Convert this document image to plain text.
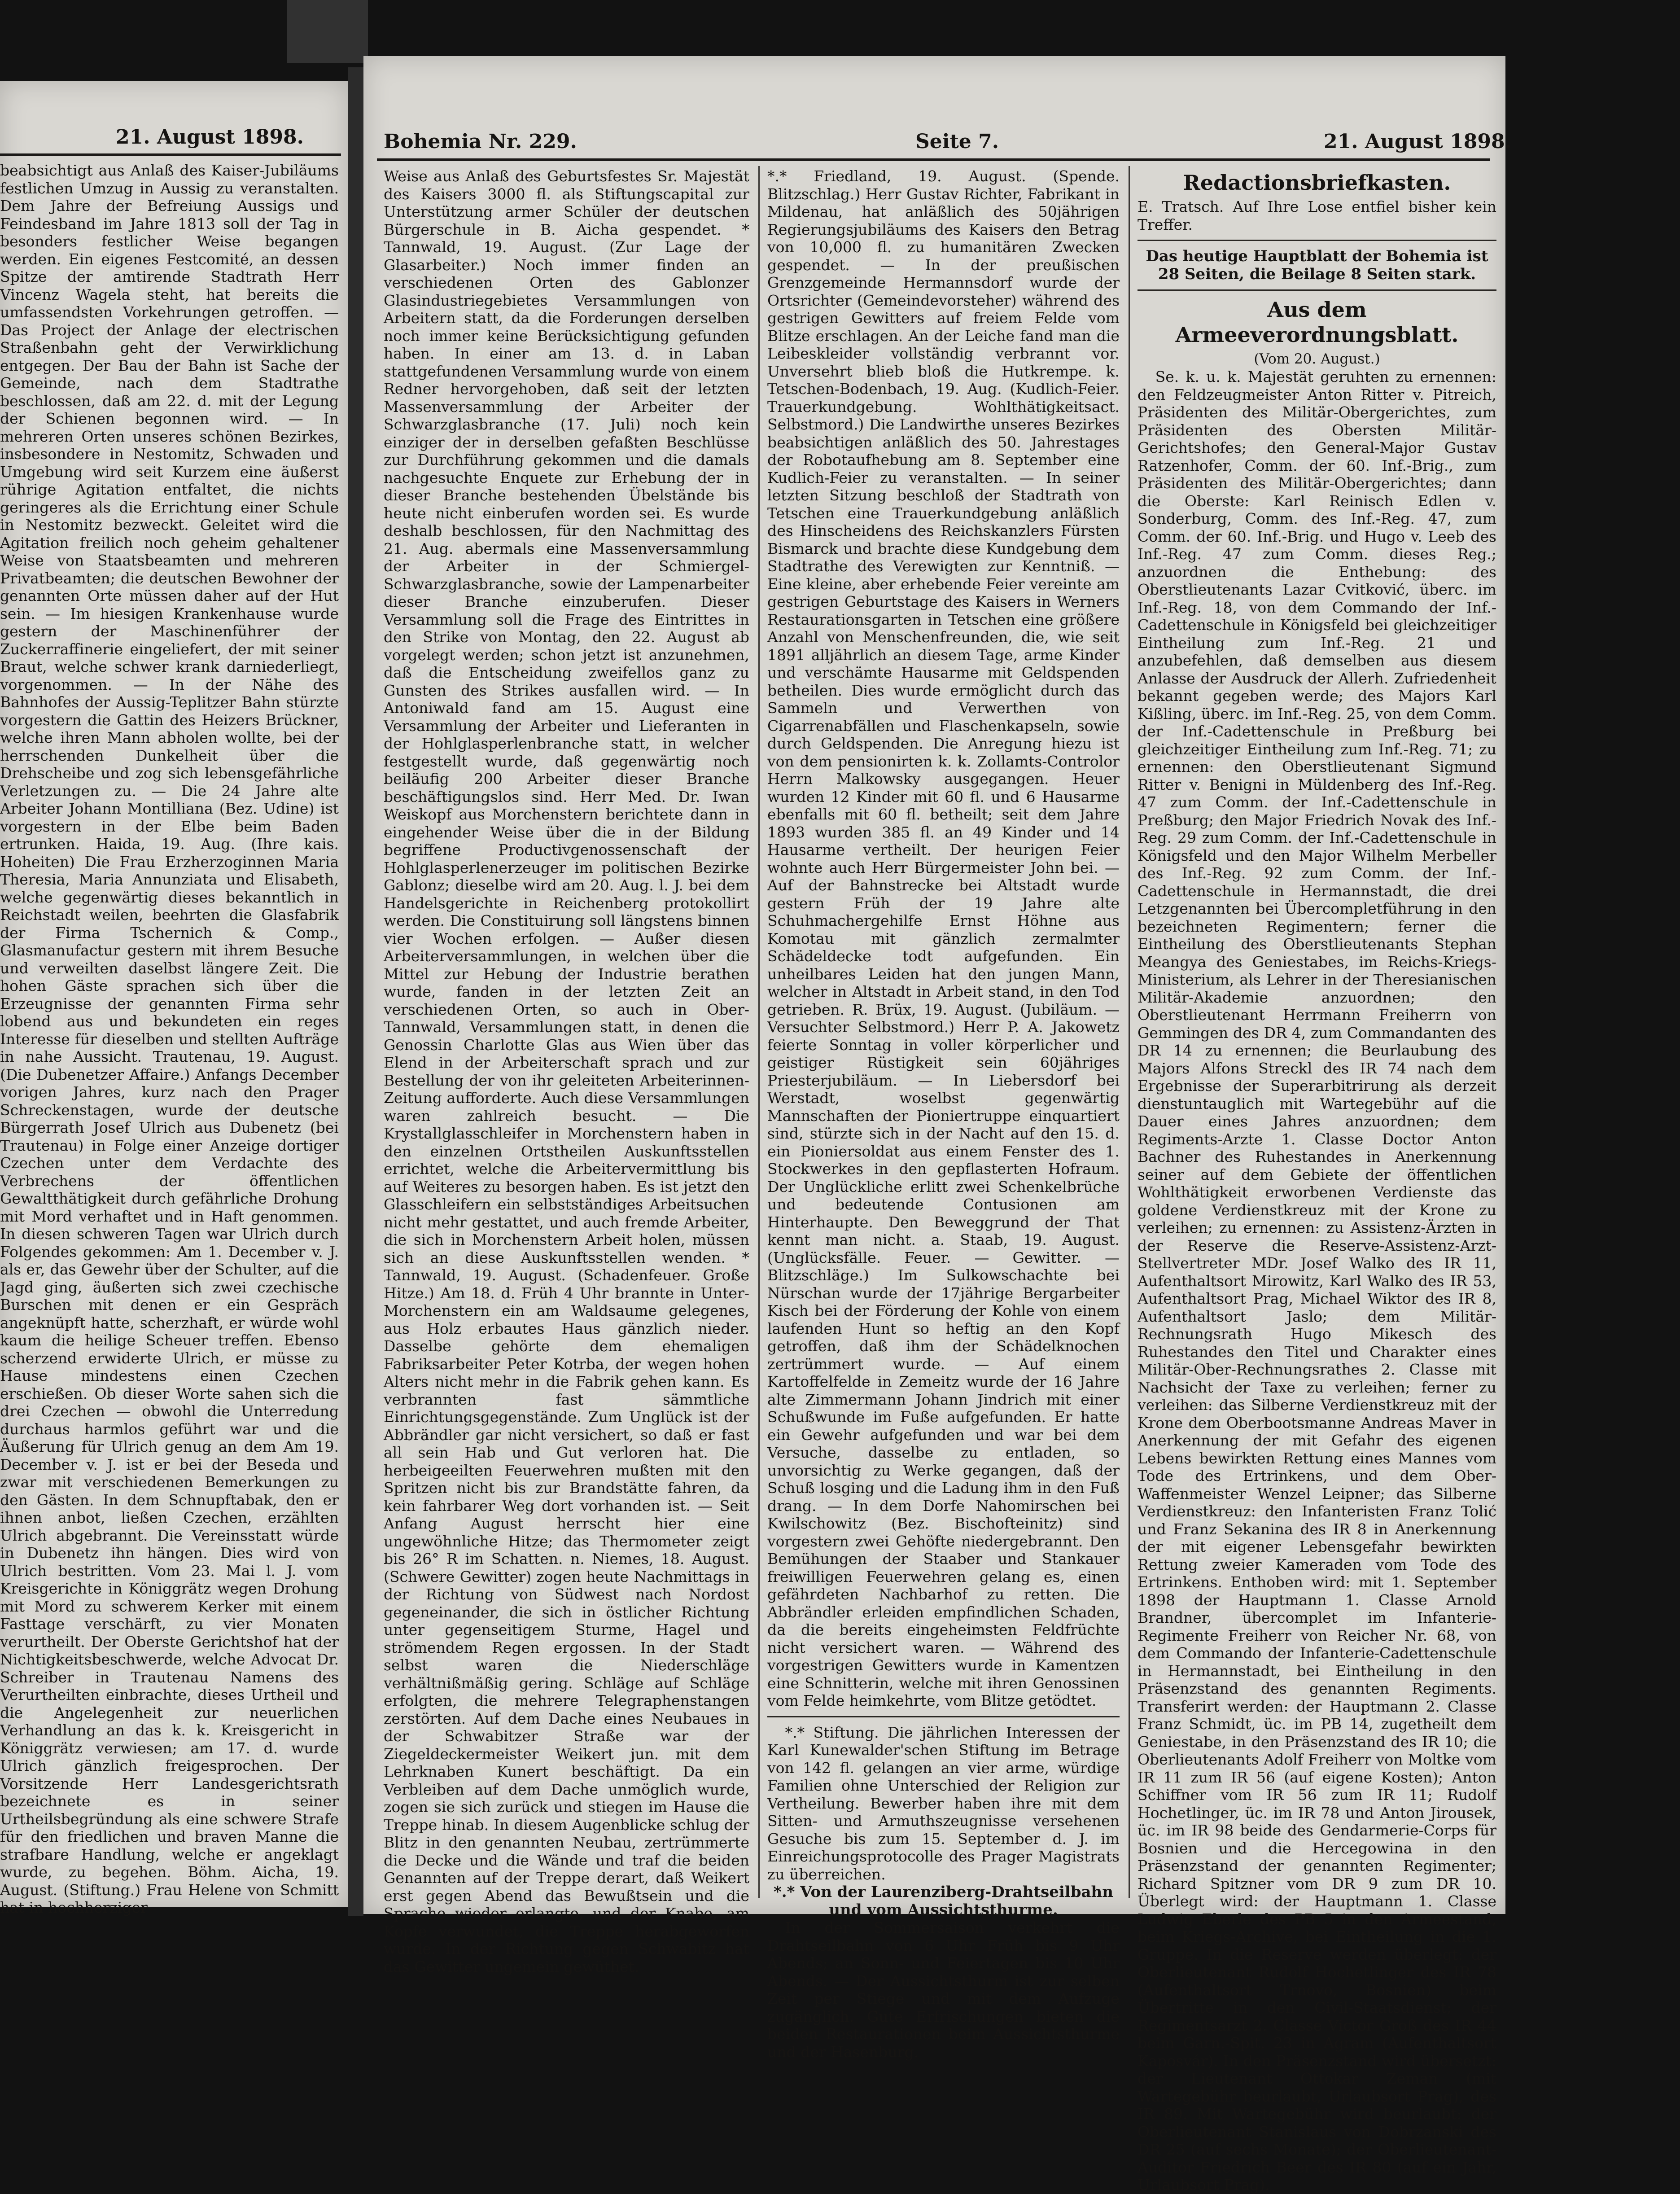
21. August 1898.

beabsichtigt aus Anlaß des Kaiser-Jubiläums festlichen Umzug in Aussig zu veranstalten. Dem Jahre der Befreiung Aussigs und Feindesband im Jahre 1813 soll der Tag in besonders festlicher Weise begangen werden. Ein eigenes Festcomité, an dessen Spitze der amtirende Stadtrath Herr Vincenz Wagela steht, hat bereits die umfassendsten Vorkehrungen getroffen. — Das Project der Anlage der electrischen Straßenbahn geht der Verwirklichung entgegen. Der Bau der Bahn ist Sache der Gemeinde, nach dem Stadtrathe beschlossen, daß am 22. d. mit der Legung der Schienen begonnen wird. — In mehreren Orten unseres schönen Bezirkes, insbesondere in Nestomitz, Schwaden und Umgebung wird seit Kurzem eine äußerst rührige Agitation entfaltet, die nichts geringeres als die Errichtung einer Schule in Nestomitz bezweckt. Geleitet wird die Agitation freilich noch geheim gehaltener Weise von Staatsbeamten und mehreren Privatbeamten; die deutschen Bewohner der genannten Orte müssen daher auf der Hut sein. — Im hiesigen Krankenhause wurde gestern der Maschinenführer der Zuckerraffinerie eingeliefert, der mit seiner Braut, welche schwer krank darniederliegt, vorgenommen. — In der Nähe des Bahnhofes der Aussig-Teplitzer Bahn stürzte vorgestern die Gattin des Heizers Brückner, welche ihren Mann abholen wollte, bei der herrschenden Dunkelheit über die Drehscheibe und zog sich lebensgefährliche Verletzungen zu. — Die 24 Jahre alte Arbeiter Johann Montilliana (Bez. Udine) ist vorgestern in der Elbe beim Baden ertrunken. Haida, 19. Aug. (Ihre kais. Hoheiten) Die Frau Erzherzoginnen Maria Theresia, Maria Annunziata und Elisabeth, welche gegenwärtig dieses bekanntlich in Reichstadt weilen, beehrten die Glasfabrik der Firma Tschernich & Comp., Glasmanufactur gestern mit ihrem Besuche und verweilten daselbst längere Zeit. Die hohen Gäste sprachen sich über die Erzeugnisse der genannten Firma sehr lobend aus und bekundeten ein reges Interesse für dieselben und stellten Aufträge in nahe Aussicht. Trautenau, 19. August. (Die Dubenetzer Affaire.) Anfangs December vorigen Jahres, kurz nach den Prager Schreckenstagen, wurde der deutsche Bürgerrath Josef Ulrich aus Dubenetz (bei Trautenau) in Folge einer Anzeige dortiger Czechen unter dem Verdachte des Verbrechens der öffentlichen Gewaltthätigkeit durch gefährliche Drohung mit Mord verhaftet und in Haft genommen. In diesen schweren Tagen war Ulrich durch Folgendes gekommen: Am 1. December v. J. als er, das Gewehr über der Schulter, auf die Jagd ging, äußerten sich zwei czechische Burschen mit denen er ein Gespräch angeknüpft hatte, scherzhaft, er würde wohl kaum die heilige Scheuer treffen. Ebenso scherzend erwiderte Ulrich, er müsse zu Hause mindestens einen Czechen erschießen. Ob dieser Worte sahen sich die drei Czechen — obwohl die Unterredung durchaus harmlos geführt war und die Äußerung für Ulrich genug an dem Am 19. December v. J. ist er bei der Beseda und zwar mit verschiedenen Bemerkungen zu den Gästen. In dem Schnupftabak, den er ihnen anbot, ließen Czechen, erzählten Ulrich abgebrannt. Die Vereinsstatt würde in Dubenetz ihn hängen. Dies wird von Ulrich bestritten. Vom 23. Mai l. J. vom Kreisgerichte in Königgrätz wegen Drohung mit Mord zu schwerem Kerker mit einem Fasttage verschärft, zu vier Monaten verurtheilt. Der Oberste Gerichtshof hat der Nichtigkeitsbeschwerde, welche Advocat Dr. Schreiber in Trautenau Namens des Verurtheilten einbrachte, dieses Urtheil und die Angelegenheit zur neuerlichen Verhandlung an das k. k. Kreisgericht in Königgrätz verwiesen; am 17. d. wurde Ulrich gänzlich freigesprochen. Der Vorsitzende Herr Landesgerichtsrath bezeichnete es in seiner Urtheilsbegründung als eine schwere Strafe für den friedlichen und braven Manne die strafbare Handlung, welche er angeklagt wurde, zu begehen. Böhm. Aicha, 19. August. (Stiftung.) Frau Helene von Schmitt hat in hochherziger

Bohemia Nr. 229.	Seite 7.	21. August 1898.

Weise aus Anlaß des Geburtsfestes Sr. Majestät des Kaisers 3000 fl. als Stiftungscapital zur Unterstützung armer Schüler der deutschen Bürgerschule in B. Aicha gespendet. * Tannwald, 19. August. (Zur Lage der Glasarbeiter.) Noch immer finden an verschiedenen Orten des Gablonzer Glasindustriegebietes Versammlungen von Arbeitern statt, da die Forderungen derselben noch immer keine Berücksichtigung gefunden haben. In einer am 13. d. in Laban stattgefundenen Versammlung wurde von einem Redner hervorgehoben, daß seit der letzten Massenversammlung der Arbeiter der Schwarzglasbranche (17. Juli) noch kein einziger der in derselben gefaßten Beschlüsse zur Durchführung gekommen und die damals nachgesuchte Enquete zur Erhebung der in dieser Branche bestehenden Übelstände bis heute nicht einberufen worden sei. Es wurde deshalb beschlossen, für den Nachmittag des 21. Aug. abermals eine Massenversammlung der Arbeiter in der Schmiergel-Schwarzglasbranche, sowie der Lampenarbeiter dieser Branche einzuberufen. Dieser Versammlung soll die Frage des Eintrittes in den Strike von Montag, den 22. August ab vorgelegt werden; schon jetzt ist anzunehmen, daß die Entscheidung zweifellos ganz zu Gunsten des Strikes ausfallen wird. — In Antoniwald fand am 15. August eine Versammlung der Arbeiter und Lieferanten in der Hohlglasperlenbranche statt, in welcher festgestellt wurde, daß gegenwärtig noch beiläufig 200 Arbeiter dieser Branche beschäftigungslos sind. Herr Med. Dr. Iwan Weiskopf aus Morchenstern berichtete dann in eingehender Weise über die in der Bildung begriffene Productivgenossenschaft der Hohlglasperlenerzeuger im politischen Bezirke Gablonz; dieselbe wird am 20. Aug. l. J. bei dem Handelsgerichte in Reichenberg protokollirt werden. Die Constituirung soll längstens binnen vier Wochen erfolgen. — Außer diesen Arbeiterversammlungen, in welchen über die Mittel zur Hebung der Industrie berathen wurde, fanden in der letzten Zeit an verschiedenen Orten, so auch in Ober-Tannwald, Versammlungen statt, in denen die Genossin Charlotte Glas aus Wien über das Elend in der Arbeiterschaft sprach und zur Bestellung der von ihr geleiteten Arbeiterinnen-Zeitung aufforderte. Auch diese Versammlungen waren zahlreich besucht. — Die Krystallglasschleifer in Morchenstern haben in den einzelnen Ortstheilen Auskunftsstellen errichtet, welche die Arbeitervermittlung bis auf Weiteres zu besorgen haben. Es ist jetzt den Glasschleifern ein selbstständiges Arbeitsuchen nicht mehr gestattet, und auch fremde Arbeiter, die sich in Morchenstern Arbeit holen, müssen sich an diese Auskunftsstellen wenden. * Tannwald, 19. August. (Schadenfeuer. Große Hitze.) Am 18. d. Früh 4 Uhr brannte in Unter-Morchenstern ein am Waldsaume gelegenes, aus Holz erbautes Haus gänzlich nieder. Dasselbe gehörte dem ehemaligen Fabriksarbeiter Peter Kotrba, der wegen hohen Alters nicht mehr in die Fabrik gehen kann. Es verbrannten fast sämmtliche Einrichtungsgegenstände. Zum Unglück ist der Abbrändler gar nicht versichert, so daß er fast all sein Hab und Gut verloren hat. Die herbeigeeilten Feuerwehren mußten mit den Spritzen nicht bis zur Brandstätte fahren, da kein fahrbarer Weg dort vorhanden ist. — Seit Anfang August herrscht hier eine ungewöhnliche Hitze; das Thermometer zeigt bis 26° R im Schatten. n. Niemes, 18. August. (Schwere Gewitter) zogen heute Nachmittags in der Richtung von Südwest nach Nordost gegeneinander, die sich in östlicher Richtung unter gegenseitigem Sturme, Hagel und strömendem Regen ergossen. In der Stadt selbst waren die Niederschläge verhältnißmäßig gering. Schläge auf Schläge erfolgten, die mehrere Telegraphenstangen zerstörten. Auf dem Dache eines Neubaues in der Schwabitzer Straße war der Ziegeldeckermeister Weikert jun. mit dem Lehrknaben Kunert beschäftigt. Da ein Verbleiben auf dem Dache unmöglich wurde, zogen sie sich zurück und stiegen im Hause die Treppe hinab. In diesem Augenblicke schlug der Blitz in den genannten Neubau, zertrümmerte die Decke und die Wände und traf die beiden Genannten auf der Treppe derart, daß Weikert erst gegen Abend das Bewußtsein und die Sprache wieder erlangte, und der Knabe, am Kopfe verwundet, die Treppe herabgeworfen wurde. In der Richtung gegen Schwabitz hat das Gewitter ungemein gewüthet.

*.* Friedland, 19. August. (Spende. Blitzschlag.) Herr Gustav Richter, Fabrikant in Mildenau, hat anläßlich des 50jährigen Regierungsjubiläums des Kaisers den Betrag von 10,000 fl. zu humanitären Zwecken gespendet. — In der preußischen Grenzgemeinde Hermannsdorf wurde der Ortsrichter (Gemeindevorsteher) während des gestrigen Gewitters auf freiem Felde vom Blitze erschlagen. An der Leiche fand man die Leibeskleider vollständig verbrannt vor. Unversehrt blieb bloß die Hutkrempe. k. Tetschen-Bodenbach, 19. Aug. (Kudlich-Feier. Trauerkundgebung. Wohlthätigkeitsact. Selbstmord.) Die Landwirthe unseres Bezirkes beabsichtigen anläßlich des 50. Jahrestages der Robotaufhebung am 8. September eine Kudlich-Feier zu veranstalten. — In seiner letzten Sitzung beschloß der Stadtrath von Tetschen eine Trauerkundgebung anläßlich des Hinscheidens des Reichskanzlers Fürsten Bismarck und brachte diese Kundgebung dem Stadtrathe des Verewigten zur Kenntniß. — Eine kleine, aber erhebende Feier vereinte am gestrigen Geburtstage des Kaisers in Werners Restaurationsgarten in Tetschen eine größere Anzahl von Menschenfreunden, die, wie seit 1891 alljährlich an diesem Tage, arme Kinder und verschämte Hausarme mit Geldspenden betheilen. Dies wurde ermöglicht durch das Sammeln und Verwerthen von Cigarrenabfällen und Flaschenkapseln, sowie durch Geldspenden. Die Anregung hiezu ist von dem pensionirten k. k. Zollamts-Controlor Herrn Malkowsky ausgegangen. Heuer wurden 12 Kinder mit 60 fl. und 6 Hausarme ebenfalls mit 60 fl. betheilt; seit dem Jahre 1893 wurden 385 fl. an 49 Kinder und 14 Hausarme vertheilt. Der heurigen Feier wohnte auch Herr Bürgermeister John bei. — Auf der Bahnstrecke bei Altstadt wurde gestern Früh der 19 Jahre alte Schuhmachergehilfe Ernst Höhne aus Komotau mit gänzlich zermalmter Schädeldecke todt aufgefunden. Ein unheilbares Leiden hat den jungen Mann, welcher in Altstadt in Arbeit stand, in den Tod getrieben. R. Brüx, 19. August. (Jubiläum. — Versuchter Selbstmord.) Herr P. A. Jakowetz feierte Sonntag in voller körperlicher und geistiger Rüstigkeit sein 60jähriges Priesterjubiläum. — In Liebersdorf bei Werstadt, woselbst gegenwärtig Mannschaften der Pioniertruppe einquartiert sind, stürzte sich in der Nacht auf den 15. d. ein Pioniersoldat aus einem Fenster des 1. Stockwerkes in den gepflasterten Hofraum. Der Unglückliche erlitt zwei Schenkelbrüche und bedeutende Contusionen am Hinterhaupte. Den Beweggrund der That kennt man nicht. a. Staab, 19. August. (Unglücksfälle. Feuer. — Gewitter. — Blitzschläge.) Im Sulkowschachte bei Nürschan wurde der 17jährige Bergarbeiter Kisch bei der Förderung der Kohle von einem laufenden Hunt so heftig an den Kopf getroffen, daß ihm der Schädelknochen zertrümmert wurde. — Auf einem Kartoffelfelde in Zemeitz wurde der 16 Jahre alte Zimmermann Johann Jindrich mit einer Schußwunde im Fuße aufgefunden. Er hatte ein Gewehr aufgefunden und war bei dem Versuche, dasselbe zu entladen, so unvorsichtig zu Werke gegangen, daß der Schuß losging und die Ladung ihm in den Fuß drang. — In dem Dorfe Nahomirschen bei Kwilschowitz (Bez. Bischofteinitz) sind vorgestern zwei Gehöfte niedergebrannt. Den Bemühungen der Staaber und Stankauer freiwilligen Feuerwehren gelang es, einen gefährdeten Nachbarhof zu retten. Die Abbrändler erleiden empfindlichen Schaden, da die bereits eingeheimsten Feldfrüchte nicht versichert waren. — Während des vorgestrigen Gewitters wurde in Kamentzen eine Schnitterin, welche mit ihren Genossinen vom Felde heimkehrte, vom Blitze getödtet.

*.* Stiftung. Die jährlichen Interessen der Karl Kunewalder'schen Stiftung im Betrage von 142 fl. gelangen an vier arme, würdige Familien ohne Unterschied der Religion zur Vertheilung. Bewerber haben ihre mit dem Sitten- und Armuthszeugnisse versehenen Gesuche bis zum 15. September d. J. im Einreichungsprotocolle des Prager Magistrats zu überreichen.

*.* Von der Laurenziberg-Drahtseilbahn und vom Aussichtsthurme.

In der Sommersaison verkehrt die Drahtseilbahn von 6 Uhr Früh bis 9 Uhr Abends; an Sonn- und Feiertagen bis 10 Uhr Abends. — Der Aussichtsthurm ist zur selben Zeit per Stiege und mit dem Aufzuge zugänglich. Gute Erfrischungen bieten die beiden Restaurationen beim Aussichtsthurme und der Hasenburg.

Redactionsbriefkasten.

E. Tratsch. Auf Ihre Lose entfiel bisher kein Treffer.

Das heutige Hauptblatt der Bohemia ist 28 Seiten, die Beilage 8 Seiten stark.
Aus dem Armeeverordnungsblatt.
(Vom 20. August.)

Se. k. u. k. Majestät geruhten zu ernennen: den Feldzeugmeister Anton Ritter v. Pitreich, Präsidenten des Militär-Obergerichtes, zum Präsidenten des Obersten Militär-Gerichtshofes; den General-Major Gustav Ratzenhofer, Comm. der 60. Inf.-Brig., zum Präsidenten des Militär-Obergerichtes; dann die Oberste: Karl Reinisch Edlen v. Sonderburg, Comm. des Inf.-Reg. 47, zum Comm. der 60. Inf.-Brig. und Hugo v. Leeb des Inf.-Reg. 47 zum Comm. dieses Reg.; anzuordnen die Enthebung: des Oberstlieutenants Lazar Cvitković, überc. im Inf.-Reg. 18, von dem Commando der Inf.-Cadettenschule in Königsfeld bei gleichzeitiger Eintheilung zum Inf.-Reg. 21 und anzubefehlen, daß demselben aus diesem Anlasse der Ausdruck der Allerh. Zufriedenheit bekannt gegeben werde; des Majors Karl Kißling, überc. im Inf.-Reg. 25, von dem Comm. der Inf.-Cadettenschule in Preßburg bei gleichzeitiger Eintheilung zum Inf.-Reg. 71; zu ernennen: den Oberstlieutenant Sigmund Ritter v. Benigni in Müldenberg des Inf.-Reg. 47 zum Comm. der Inf.-Cadettenschule in Preßburg; den Major Friedrich Novak des Inf.-Reg. 29 zum Comm. der Inf.-Cadettenschule in Königsfeld und den Major Wilhelm Merbeller des Inf.-Reg. 92 zum Comm. der Inf.-Cadettenschule in Hermannstadt, die drei Letzgenannten bei Übercompletführung in den bezeichneten Regimentern; ferner die Eintheilung des Oberstlieutenants Stephan Meangya des Geniestabes, im Reichs-Kriegs-Ministerium, als Lehrer in der Theresianischen Militär-Akademie anzuordnen; den Oberstlieutenant Herrmann Freiherrn von Gemmingen des DR 4, zum Commandanten des DR 14 zu ernennen; die Beurlaubung des Majors Alfons Streckl des IR 74 nach dem Ergebnisse der Superarbitrirung als derzeit dienstuntauglich mit Wartegebühr auf die Dauer eines Jahres anzuordnen; dem Regiments-Arzte 1. Classe Doctor Anton Bachner des Ruhestandes in Anerkennung seiner auf dem Gebiete der öffentlichen Wohlthätigkeit erworbenen Verdienste das goldene Verdienstkreuz mit der Krone zu verleihen; zu ernennen: zu Assistenz-Ärzten in der Reserve die Reserve-Assistenz-Arzt-Stellvertreter MDr. Josef Walko des IR 11, Aufenthaltsort Mirowitz, Karl Walko des IR 53, Aufenthaltsort Prag, Michael Wiktor des IR 8, Aufenthaltsort Jaslo; dem Militär-Rechnungsrath Hugo Mikesch des Ruhestandes den Titel und Charakter eines Militär-Ober-Rechnungsrathes 2. Classe mit Nachsicht der Taxe zu verleihen; ferner zu verleihen: das Silberne Verdienstkreuz mit der Krone dem Oberbootsmanne Andreas Maver in Anerkennung der mit Gefahr des eigenen Lebens bewirkten Rettung eines Mannes vom Tode des Ertrinkens, und dem Ober-Waffenmeister Wenzel Leipner; das Silberne Verdienstkreuz: den Infanteristen Franz Tolić und Franz Sekanina des IR 8 in Anerkennung der mit eigener Lebensgefahr bewirkten Rettung zweier Kameraden vom Tode des Ertrinkens. Enthoben wird: mit 1. September 1898 der Hauptmann 1. Classe Arnold Brandner, übercomplet im Infanterie-Regimente Freiherr von Reicher Nr. 68, von dem Commando der Infanterie-Cadettenschule in Hermannstadt, bei Eintheilung in den Präsenzstand des genannten Regiments. Transferirt werden: der Hauptmann 2. Classe Franz Schmidt, üc. im PB 14, zugetheilt dem Geniestabe, in den Präsenzstand des IR 10; die Oberlieutenants Adolf Freiherr von Moltke vom IR 11 zum IR 56 (auf eigene Kosten); Anton Schiffner vom IR 56 zum IR 11; Rudolf Hochetlinger, üc. im IR 78 und Anton Jirousek, üc. im IR 98 beide des Gendarmerie-Corps für Bosnien und die Hercegowina in den Präsenzstand der genannten Regimenter; Richard Spitzner vom DR 9 zum DR 10. Überlegt wird: der Hauptmann 1. Classe Ludwig Eberle des PB 5 in den Armeestand, beim Kriegs-Archive, bei Eintheilung in die 1. Gruppe. In die Reserve werden überlegt: der Oberlieutenant Rudolf Hochetlinger des IR 78 (Aufenthaltsort Trnovo, Bosnien) beim Übertritte in den Civil-Staatsdienst; der Regimentsarzt 2. Classe Victor Groß des IR 44 beim Garn.-Spit. 23 in Agram (Aufenthaltsort Kaposvár). In den Präsenzstand wird übersetzt: der Lieutenant Ottokar Zeman (mit Wartegebühr beurlaubt, Urlaubsort Prag), des IR 89. Mit Wartegebühr wird beurlaubt: der Oberlieutenant Stanislaus von Dobrzanski des DR 25 (auf sechs Monate); der Oberlieutenant-Auditor Friedrich Beer des IR 80 (auf ein Jahr, Urlaubsort Prag).
